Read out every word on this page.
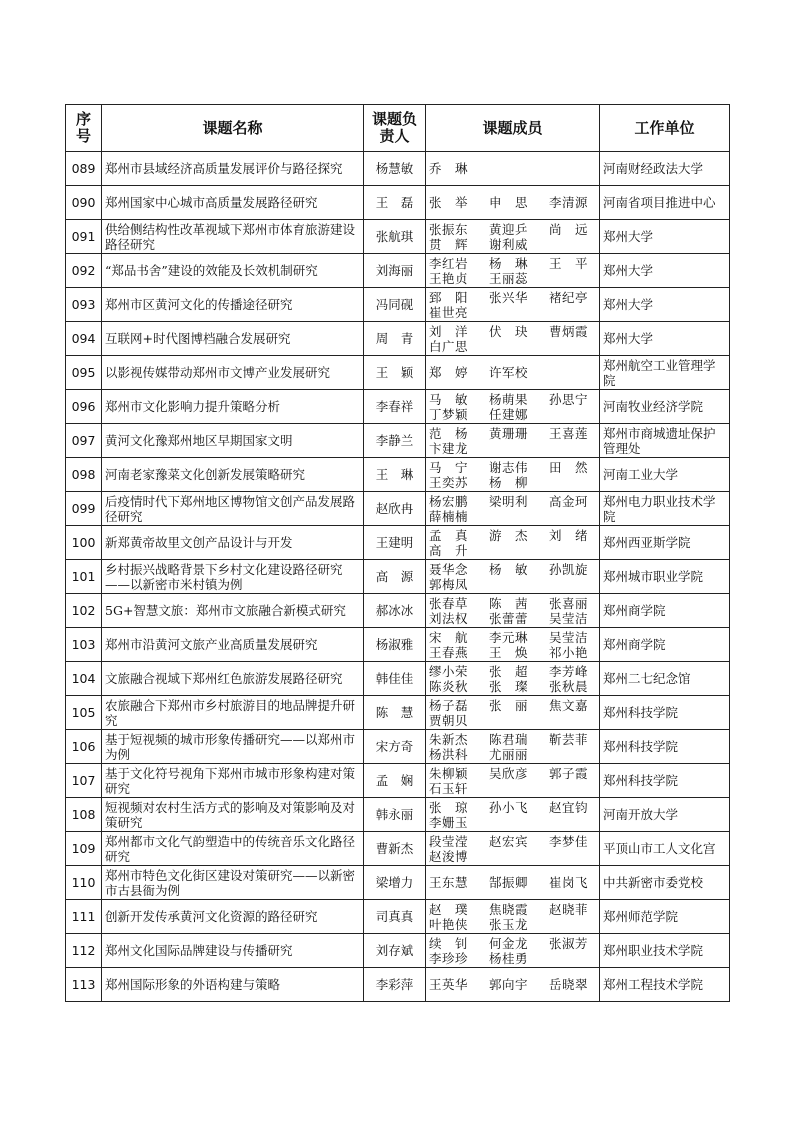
序号	课题名称	课题负责人	课题成员	工作单位
089	郑州市县域经济高质量发展评价与路径探究	杨慧敏	乔　琳	河南财经政法大学
090	郑州国家中心城市高质量发展路径研究	王　磊	张　举 申　思 李清源	河南省项目推进中心
091	供给侧结构性改革视域下郑州市体育旅游建设路径研究	张航琪	张振东 黄迎乒 尚　远
贯　辉 谢利威	郑州大学
092	“郑品书舍”建设的效能及长效机制研究	刘海丽	李红岩 杨　琳 王　平
王艳贞 王丽蕊	郑州大学
093	郑州市区黄河文化的传播途径研究	冯同砚	郅　阳 张兴华 褚纪亭
崔世亮	郑州大学
094	互联网+时代图博档融合发展研究	周　青	刘　洋 伏　玦 曹炳霞
白广思	郑州大学
095	以影视传媒带动郑州市文博产业发展研究	王　颖	郑　婷 许军校	郑州航空工业管理学院
096	郑州市文化影响力提升策略分析	李春祥	马　敏 杨萌果 孙思宁
丁梦颖 任建娜	河南牧业经济学院
097	黄河文化豫郑州地区早期国家文明	李静兰	范　杨 黄珊珊 王喜莲
卞建龙	郑州市商城遗址保护管理处
098	河南老家豫菜文化创新发展策略研究	王　琳	马　宁 谢志伟 田　然
王奕苏 杨　柳	河南工业大学
099	后疫情时代下郑州地区博物馆文创产品发展路径研究	赵欣冉	杨宏鹏 梁明利 高金珂
薛楠楠	郑州电力职业技术学院
100	新郑黄帝故里文创产品设计与开发	王建明	孟　真 游　杰 刘　绪
高　升	郑州西亚斯学院
101	乡村振兴战略背景下乡村文化建设路径研究——以新密市米村镇为例	高　源	聂华念 杨　敏 孙凯旋
郭梅凤	郑州城市职业学院
102	5G+智慧文旅：郑州市文旅融合新模式研究	郝冰冰	张春草 陈　茜 张喜丽
刘法权 张蕾蕾 吴莹洁	郑州商学院
103	郑州市沿黄河文旅产业高质量发展研究	杨淑雅	宋　航 李元琳 吴莹洁
王春燕 王　焕 祁小艳	郑州商学院
104	文旅融合视域下郑州红色旅游发展路径研究	韩佳佳	缪小荣 张　超 李芳峰
陈炎秋 张　璨 张秋晨	郑州二七纪念馆
105	农旅融合下郑州市乡村旅游目的地品牌提升研究	陈　慧	杨子磊 张　丽 焦文嘉
贾朝贝	郑州科技学院
106	基于短视频的城市形象传播研究——以郑州市为例	宋方奇	朱新杰 陈君瑞 靳芸菲
杨洪科 尤丽丽	郑州科技学院
107	基于文化符号视角下郑州市城市形象构建对策研究	孟　娴	朱柳颖 吴欣彦 郭子霞
石玉轩	郑州科技学院
108	短视频对农村生活方式的影响及对策影响及对策研究	韩永丽	张　琼 孙小飞 赵宜钧
李姗玉	河南开放大学
109	郑州都市文化气韵塑造中的传统音乐文化路径研究	曹新杰	段莹滢 赵宏宾 李梦佳
赵浚博	平顶山市工人文化宫
110	郑州市特色文化街区建设对策研究——以新密市古县衙为例	梁增力	王东慧 郜振卿 崔岗飞	中共新密市委党校
111	创新开发传承黄河文化资源的路径研究	司真真	赵　璞 焦晓霞 赵晓菲
叶艳侠 张玉龙	郑州师范学院
112	郑州文化国际品牌建设与传播研究	刘存斌	续　钊 何金龙 张淑芳
李珍珍 杨桂勇	郑州职业技术学院
113	郑州国际形象的外语构建与策略	李彩萍	王英华 郭向宇 岳晓翠	郑州工程技术学院
